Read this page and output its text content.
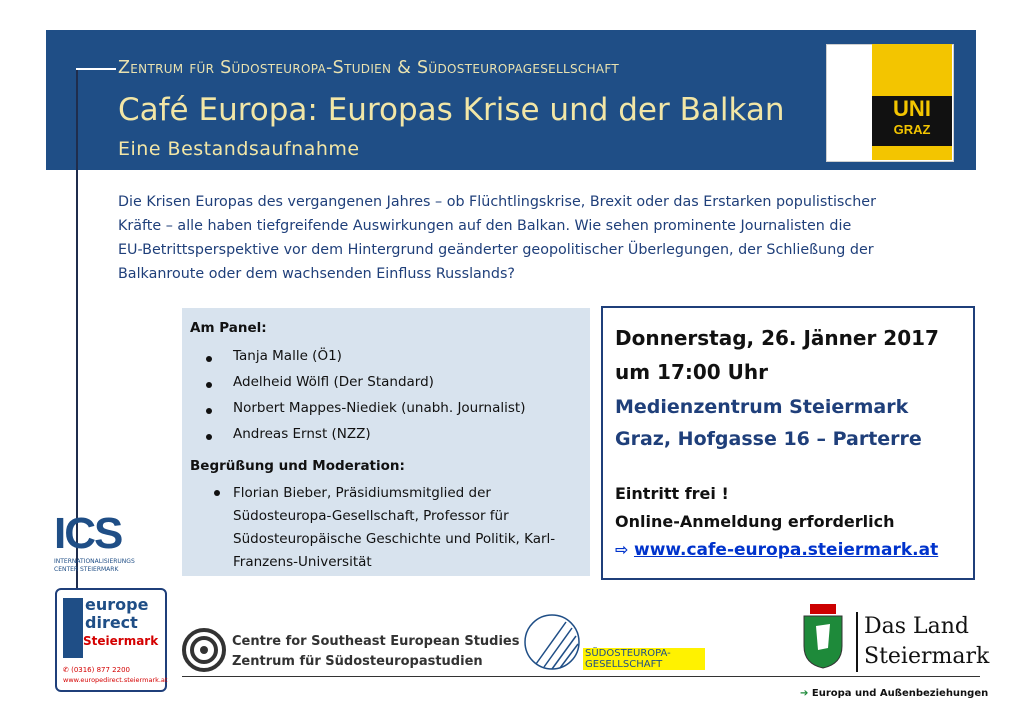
Zentrum für Südosteuropa-Studien & Südosteuropagesellschaft
Café Europa: Europas Krise und der Balkan
Eine Bestandsaufnahme
UNI
GRAZ
Die Krisen Europas des vergangenen Jahres – ob Flüchtlingskrise, Brexit oder das Erstarken populistischer Kräfte – alle haben tiefgreifende Auswirkungen auf den Balkan. Wie sehen prominente Journalisten die EU-Betrittsperspektive vor dem Hintergrund geänderter geopolitischer Überlegungen, der Schließung der Balkanroute oder dem wachsenden Einfluss Russlands?
Am Panel:
Tanja Malle (Ö1)
Adelheid Wölfl (Der Standard)
Norbert Mappes-Niediek (unabh. Journalist)
Andreas Ernst (NZZ)
Begrüßung und Moderation:
Florian Bieber, Präsidiumsmitglied der Südosteuropa-Gesellschaft, Professor für Südosteuropäische Geschichte und Politik, Karl-Franzens-Universität
Donnerstag, 26. Jänner 2017
um 17:00 Uhr
Medienzentrum Steiermark
Graz, Hofgasse 16 – Parterre
Eintritt frei !
Online-Anmeldung erforderlich
⇨ www.cafe-europa.steiermark.at
ICS
INTERNATIONALISIERUNGS
CENTER STEIERMARK
europe
direct
Steiermark
✆ (0316) 877 2200
www.europedirect.steiermark.at
Centre for Southeast European Studies
Zentrum für Südosteuropastudien
SÜDOSTEUROPA-
GESELLSCHAFT
Das Land
Steiermark
➔ Europa und Außenbeziehungen
